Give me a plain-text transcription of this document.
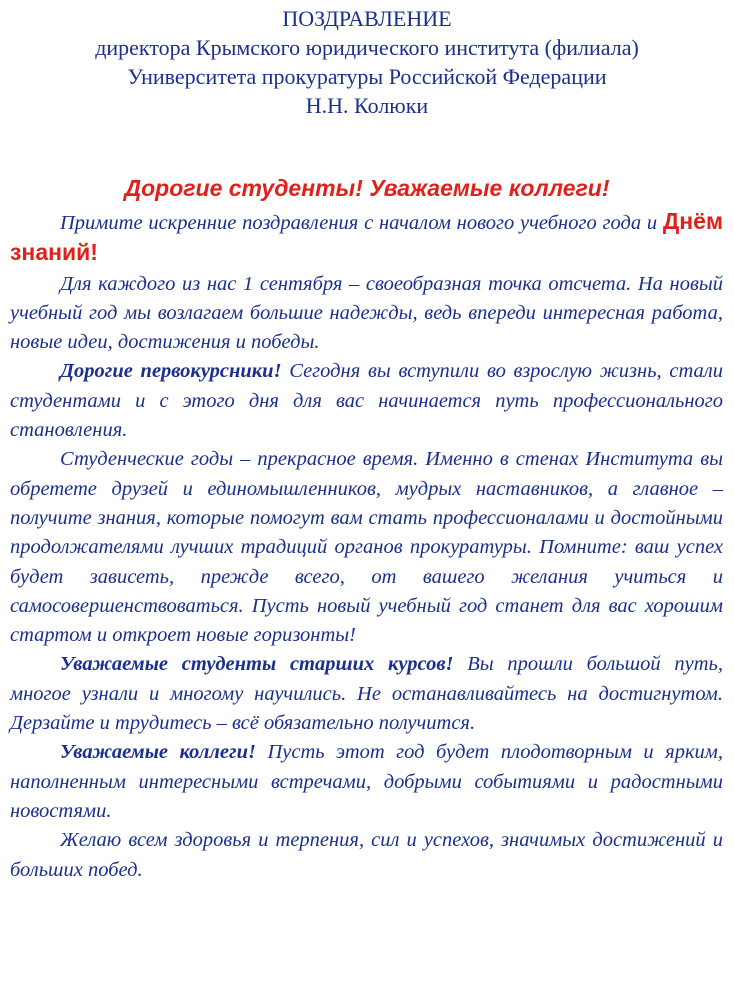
ПОЗДРАВЛЕНИЕ
директора Крымского юридического института (филиала)
Университета прокуратуры Российской Федерации
Н.Н. Колюки
Дорогие студенты! Уважаемые коллеги!

Примите искренние поздравления с началом нового учебного года и Днём знаний!

Для каждого из нас 1 сентября – своеобразная точка отсчета. На новый учебный год мы возлагаем большие надежды, ведь впереди интересная работа, новые идеи, достижения и победы.

Дорогие первокурсники! Сегодня вы вступили во взрослую жизнь, стали студентами и с этого дня для вас начинается путь профессионального становления.

Студенческие годы – прекрасное время. Именно в стенах Института вы обретете друзей и единомышленников, мудрых наставников, а главное – получите знания, которые помогут вам стать профессионалами и достойными продолжателями лучших традиций органов прокуратуры. Помните: ваш успех будет зависеть, прежде всего, от вашего желания учиться и самосовершенствоваться. Пусть новый учебный год станет для вас хорошим стартом и откроет новые горизонты!

Уважаемые студенты старших курсов! Вы прошли большой путь, многое узнали и многому научились. Не останавливайтесь на достигнутом. Дерзайте и трудитесь – всё обязательно получится.

Уважаемые коллеги! Пусть этот год будет плодотворным и ярким, наполненным интересными встречами, добрыми событиями и радостными новостями.

Желаю всем здоровья и терпения, сил и успехов, значимых достижений и больших побед.
